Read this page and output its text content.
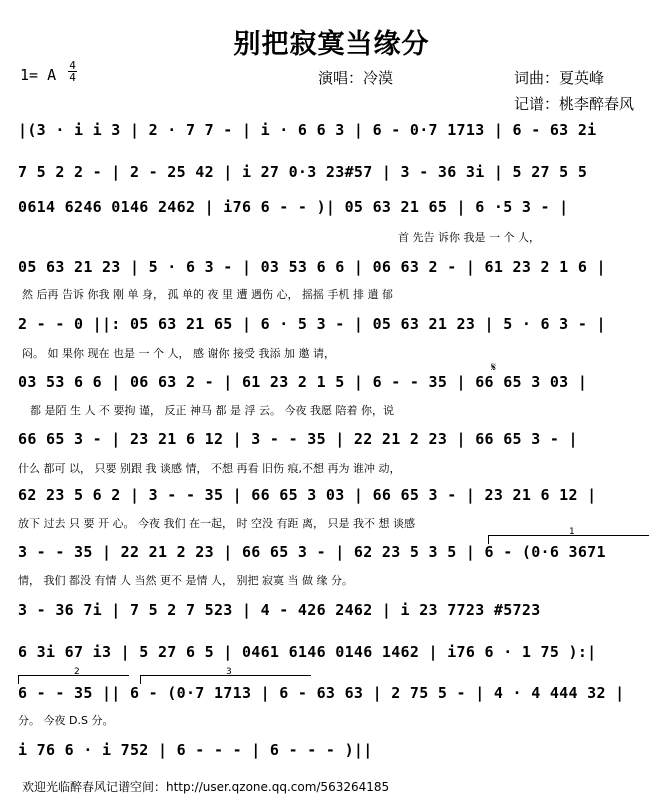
别把寂寞当缘分
1= A
4
4	演唱：冷漠	词曲：夏英峰
记谱：桃李醉春风
|(3 · i i 3 | 2 · 7 7 - | i · 6 6 3 | 6 - 0·7 1713 | 6 - 63 2i
7 5 2 2 - | 2 - 25 42 | i 27 0·3 23#57 | 3 - 36 3i | 5 27 5 5
0614 6246 0146 2462 | i76 6 - - )| 05 63 21 65 | 6 ·5 3 - |
首 先告 诉你 我是 一 个 人，
05 63 21 23 | 5 · 6 3 - | 03 53 6 6 | 06 63 2 - | 61 23 2 1 6 |
然 后再 告诉 你我 刚 单 身， 孤 单的 夜 里 遭 遇伤 心， 摇摇 手机 排 遣 郁
2 - - 0 ||: 05 63 21 65 | 6 · 5 3 - | 05 63 21 23 | 5 · 6 3 - |
闷。 如 果你 现在 也是 一 个 人， 感 谢你 接受 我添 加 邀 请，
𝄋
03 53 6 6 | 06 63 2 - | 61 23 2 1 5 | 6 - - 35 | 66 65 3 03 |
都 是陌 生 人 不 要拘 谨， 反正 神马 都 是 浮 云。 今夜 我愿 陪着 你，说
66 65 3 - | 23 21 6 12 | 3 - - 35 | 22 21 2 23 | 66 65 3 - |
什么 都可 以， 只要 别跟 我 谈感 情， 不想 再看 旧伤 痕,不想 再为 谁冲 动，
62 23 5 6 2 | 3 - - 35 | 66 65 3 03 | 66 65 3 - | 23 21 6 12 |
放下 过去 只 要 开 心。 今夜 我们 在一起， 时 空没 有距 离， 只是 我不 想 谈感
1
3 - - 35 | 22 21 2 23 | 66 65 3 - | 62 23 5 3 5 | 6 - (0·6 3671
情， 我们 都没 有情 人 当然 更不 是情 人， 别把 寂寞 当 做 缘 分。
3 - 36 7i | 7 5 2 7 523 | 4 - 426 2462 | i 23 7723 #5723
6 3i 67 i3 | 5 27 6 5 | 0461 6146 0146 1462 | i76 6 · 1 75 ):|
2	3
6 - - 35 || 6 - (0·7 1713 | 6 - 63 63 | 2 75 5 - | 4 · 4 444 32 |
分。 今夜 D.S 分。
i 76 6 · i 752 | 6 - - - | 6 - - - )||
欢迎光临醉春风记谱空间：http://user.qzone.qq.com/563264185
